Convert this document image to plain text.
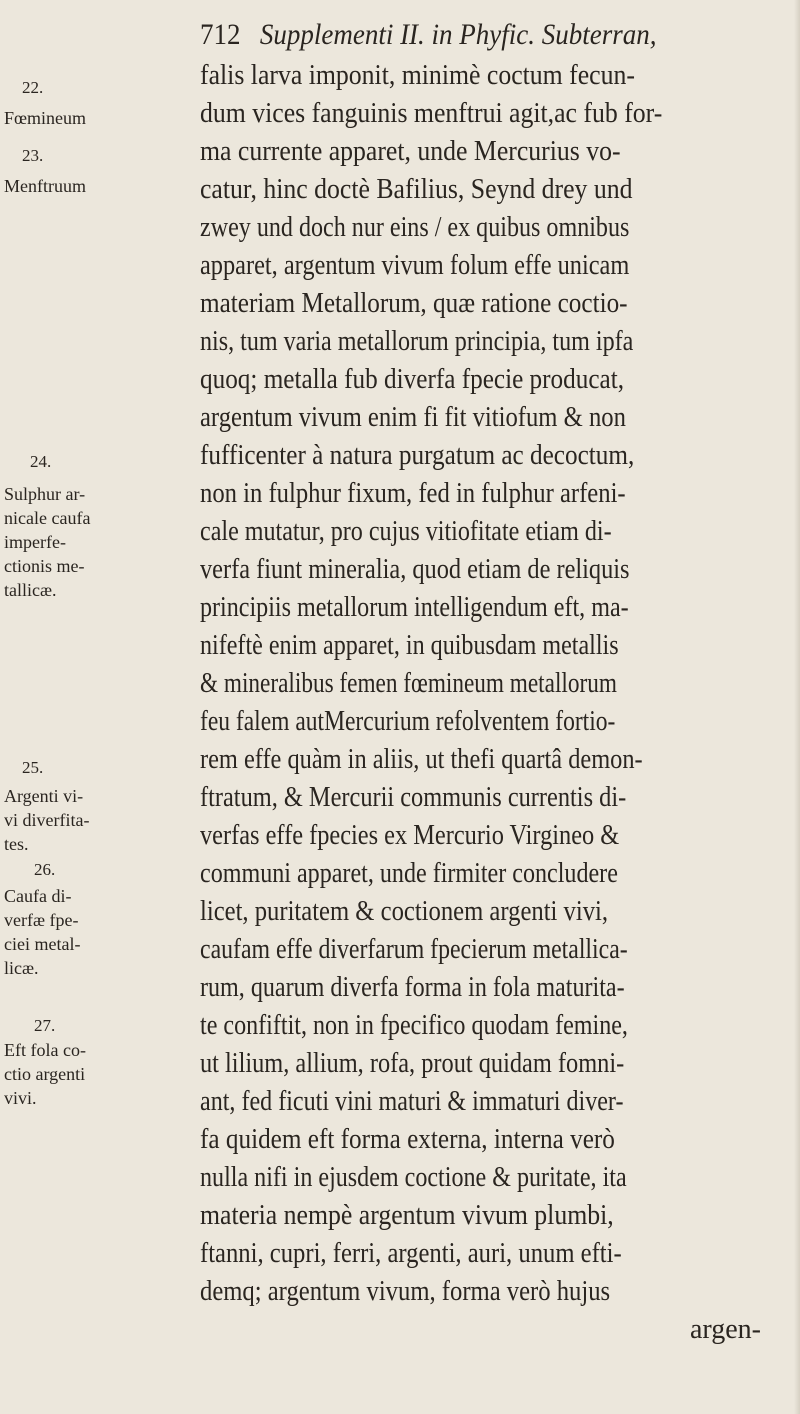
712 Supplementi II. in Phyfic. Subterran,
falis larva imponit, minimè coctum fecun-
dum vices fanguinis menftrui agit,ac fub for-
ma currente apparet, unde Mercurius vo-
catur, hinc doctè Bafilius, Seynd drey und
zwey und doch nur eins / ex quibus omnibus
apparet, argentum vivum folum effe unicam
materiam Metallorum, quæ ratione coctio-
nis, tum varia metallorum principia, tum ipfa
quoq; metalla fub diverfa fpecie producat,
argentum vivum enim fi fit vitiofum & non
fufficenter à natura purgatum ac decoctum,
non in fulphur fixum, fed in fulphur arfeni-
cale mutatur, pro cujus vitiofitate etiam di-
verfa fiunt mineralia, quod etiam de reliquis
principiis metallorum intelligendum eft, ma-
nifeftè enim apparet, in quibusdam metallis
& mineralibus femen fœmineum metallorum
feu falem autMercurium refolventem fortio-
rem effe quàm in aliis, ut thefi quartâ demon-
ftratum, & Mercurii communis currentis di-
verfas effe fpecies ex Mercurio Virgineo &
communi apparet, unde firmiter concludere
licet, puritatem & coctionem argenti vivi,
caufam effe diverfarum fpecierum metallica-
rum, quarum diverfa forma in fola maturita-
te confiftit, non in fpecifico quodam femine,
ut lilium, allium, rofa, prout quidam fomni-
ant, fed ficuti vini maturi & immaturi diver-
fa quidem eft forma externa, interna verò
nulla nifi in ejusdem coctione & puritate, ita
materia nempè argentum vivum plumbi,
ftanni, cupri, ferri, argenti, auri, unum efti-
demq; argentum vivum, forma verò hujus
argen-
22.
Fœmineum
23.
Menftruum
24.
Sulphur ar-
nicale caufa
imperfe-
ctionis me-
tallicæ.
25.
Argenti vi-
vi diverfita-
tes.
26.
Caufa di-
verfæ fpe-
ciei metal-
licæ.
27.
Eft fola co-
ctio argenti
vivi.
